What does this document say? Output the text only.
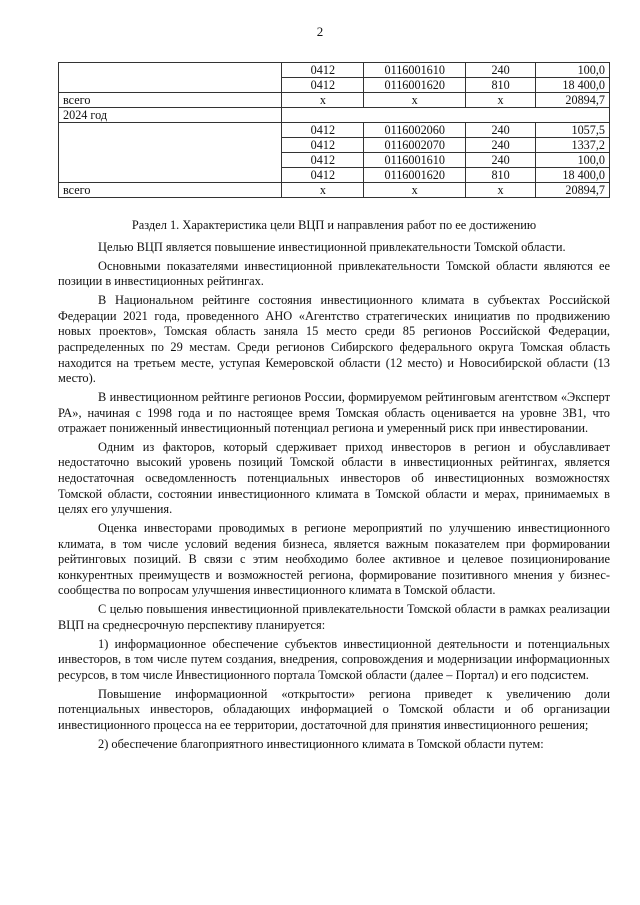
2
	0412	0116001610	240	100,0
	0412	0116001620	810	18 400,0
всего	x	x	x	20894,7
2024 год				
	0412	0116002060	240	1057,5
	0412	0116002070	240	1337,2
	0412	0116001610	240	100,0
	0412	0116001620	810	18 400,0
всего	x	x	x	20894,7
Раздел 1. Характеристика цели ВЦП и направления работ по ее достижению

Целью ВЦП является повышение инвестиционной привлекательности Томской области.

Основными показателями инвестиционной привлекательности Томской области являются ее позиции в инвестиционных рейтингах.

В Национальном рейтинге состояния инвестиционного климата в субъектах Российской Федерации 2021 года, проведенного АНО «Агентство стратегических инициатив по продвижению новых проектов», Томская область заняла 15 место среди 85 регионов Российской Федерации, распределенных по 29 местам. Среди регионов Сибирского федерального округа Томская область находится на третьем месте, уступая Кемеровской области (12 место) и Новосибирской области (13 место).

В инвестиционном рейтинге регионов России, формируемом рейтинговым агентством «Эксперт РА», начиная с 1998 года и по настоящее время Томская область оценивается на уровне 3В1, что отражает пониженный инвестиционный потенциал региона и умеренный риск при инвестировании.

Одним из факторов, который сдерживает приход инвесторов в регион и обуславливает недостаточно высокий уровень позиций Томской области в инвестиционных рейтингах, является недостаточная осведомленность потенциальных инвесторов об инвестиционных возможностях Томской области, состоянии инвестиционного климата в Томской области и мерах, принимаемых в целях его улучшения.

Оценка инвесторами проводимых в регионе мероприятий по улучшению инвестиционного климата, в том числе условий ведения бизнеса, является важным показателем при формировании рейтинговых позиций. В связи с этим необходимо более активное и целевое позиционирование конкурентных преимуществ и возможностей региона, формирование позитивного мнения у бизнес-сообщества по вопросам улучшения инвестиционного климата в Томской области.

С целью повышения инвестиционной привлекательности Томской области в рамках реализации ВЦП на среднесрочную перспективу планируется:

1) информационное обеспечение субъектов инвестиционной деятельности и потенциальных инвесторов, в том числе путем создания, внедрения, сопровождения и модернизации информационных ресурсов, в том числе Инвестиционного портала Томской области (далее – Портал) и его подсистем.

Повышение информационной «открытости» региона приведет к увеличению доли потенциальных инвесторов, обладающих информацией о Томской области и об организации инвестиционного процесса на ее территории, достаточной для принятия инвестиционного решения;

2) обеспечение благоприятного инвестиционного климата в Томской области путем:
